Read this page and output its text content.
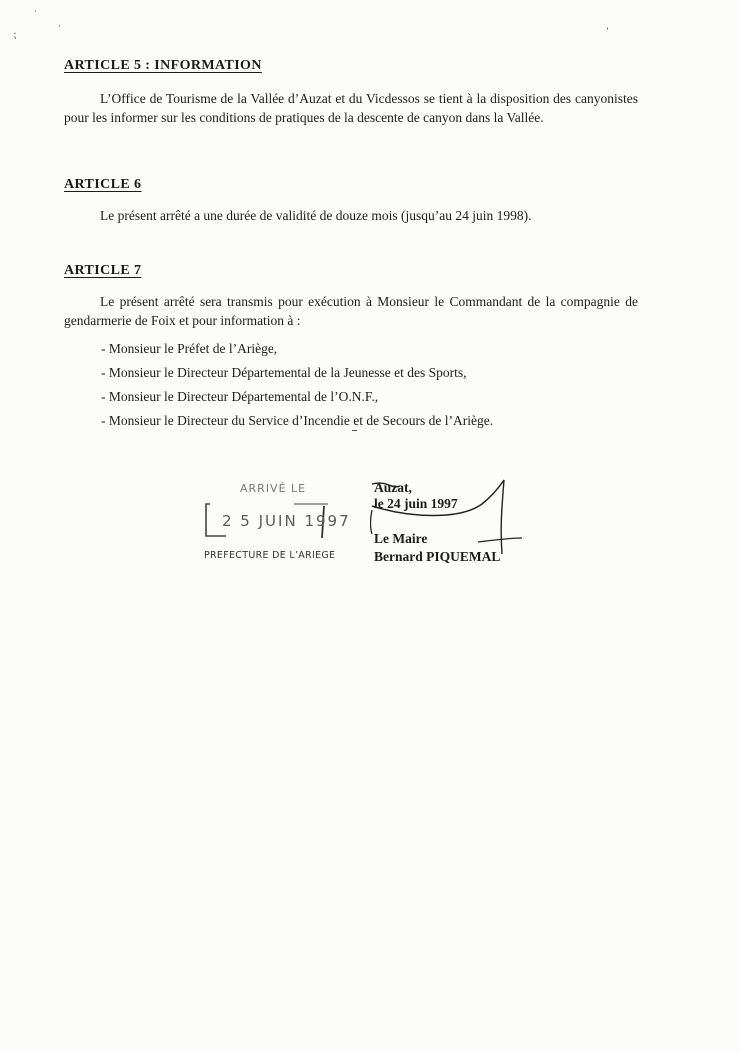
˙
⁏	˙	ˈ
ARTICLE 5 : INFORMATION

L’Office de Tourisme de la Vallée d’Auzat et du Vicdessos se tient à la disposition des canyonistes pour les informer sur les conditions de pratiques de la descente de canyon dans la Vallée.

ARTICLE 6

Le présent arrêté a une durée de validité de douze mois (jusqu’au 24 juin 1998).

ARTICLE 7

Le présent arrêté sera transmis pour exécution à Monsieur le Commandant de la compagnie de gendarmerie de Foix et pour information à :

- Monsieur le Préfet de l’Ariège,
- Monsieur le Directeur Départemental de la Jeunesse et des Sports,
- Monsieur le Directeur Départemental de l’O.N.F.,
- Monsieur le Directeur du Service d’Incendie et de Secours de l’Ariège.
ARRIVÉ LE
2 5 JUIN 1997
PREFECTURE DE L’ARIEGE
Auzat,
le 24 juin 1997
Le Maire
Bernard PIQUEMAL
